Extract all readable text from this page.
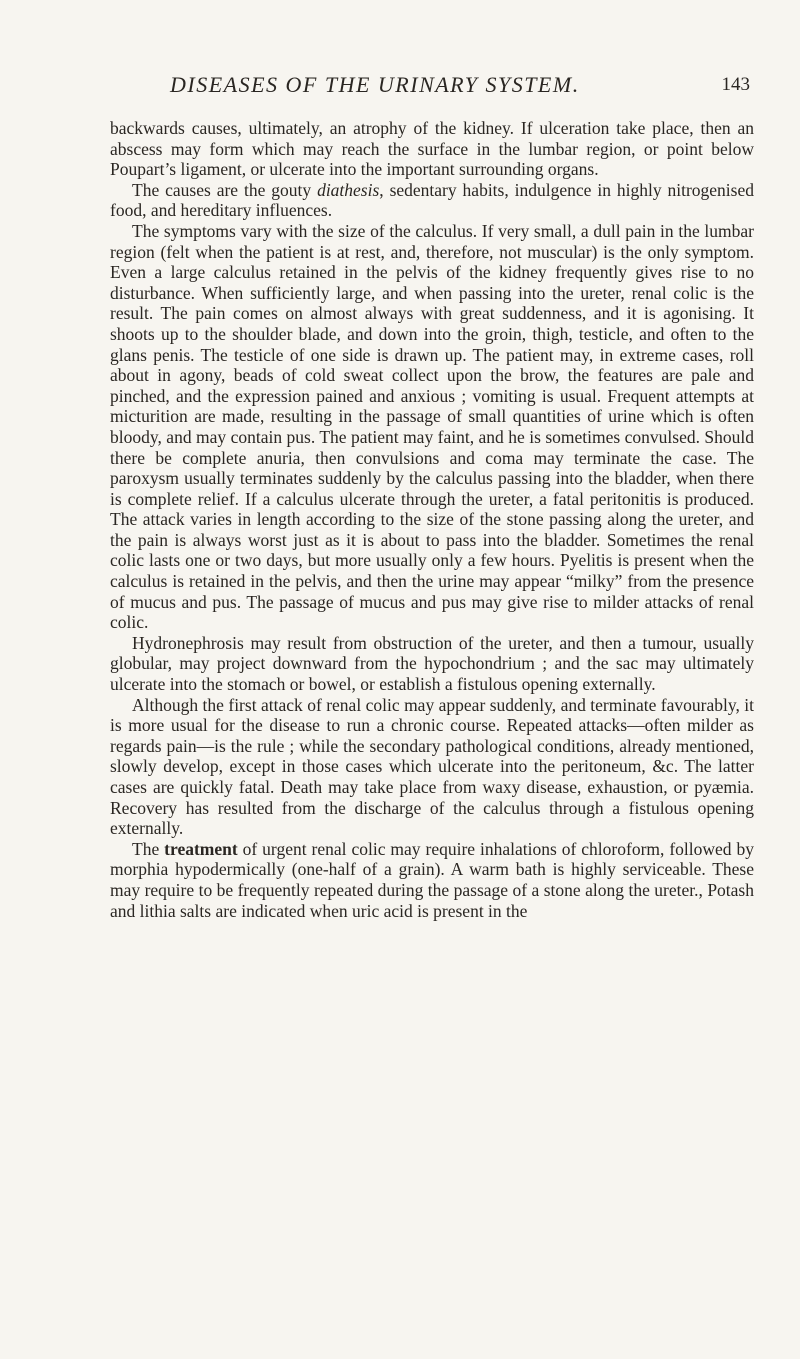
DISEASES OF THE URINARY SYSTEM.	143

backwards causes, ultimately, an atrophy of the kidney. If ulceration take place, then an abscess may form which may reach the surface in the lumbar region, or point below Poupart’s ligament, or ulcerate into the important surrounding organs.

The causes are the gouty diathesis, sedentary habits, indulgence in highly nitrogenised food, and hereditary influences.

The symptoms vary with the size of the calculus. If very small, a dull pain in the lumbar region (felt when the patient is at rest, and, therefore, not muscular) is the only symptom. Even a large calculus retained in the pelvis of the kidney frequently gives rise to no disturbance. When sufficiently large, and when passing into the ureter, renal colic is the result. The pain comes on almost always with great suddenness, and it is agonising. It shoots up to the shoulder blade, and down into the groin, thigh, testicle, and often to the glans penis. The testicle of one side is drawn up. The patient may, in extreme cases, roll about in agony, beads of cold sweat collect upon the brow, the features are pale and pinched, and the expression pained and anxious ; vomiting is usual. Frequent attempts at micturition are made, resulting in the passage of small quantities of urine which is often bloody, and may contain pus. The patient may faint, and he is sometimes convulsed. Should there be complete anuria, then convulsions and coma may terminate the case. The paroxysm usually terminates suddenly by the calculus passing into the bladder, when there is complete relief. If a calculus ulcerate through the ureter, a fatal peritonitis is produced. The attack varies in length according to the size of the stone passing along the ureter, and the pain is always worst just as it is about to pass into the bladder. Sometimes the renal colic lasts one or two days, but more usually only a few hours. Pyelitis is present when the calculus is retained in the pelvis, and then the urine may appear “milky” from the presence of mucus and pus. The passage of mucus and pus may give rise to milder attacks of renal colic.

Hydronephrosis may result from obstruction of the ureter, and then a tumour, usually globular, may project downward from the hypochondrium ; and the sac may ultimately ulcerate into the stomach or bowel, or establish a fistulous opening externally.

Although the first attack of renal colic may appear suddenly, and terminate favourably, it is more usual for the disease to run a chronic course. Repeated attacks—often milder as regards pain—is the rule ; while the secondary pathological conditions, already mentioned, slowly develop, except in those cases which ulcerate into the peritoneum, &c. The latter cases are quickly fatal. Death may take place from waxy disease, exhaustion, or pyæmia. Recovery has resulted from the discharge of the calculus through a fistulous opening externally.

The treatment of urgent renal colic may require inhalations of chloroform, followed by morphia hypodermically (one-half of a grain). A warm bath is highly serviceable. These may require to be frequently repeated during the passage of a stone along the ureter., Potash and lithia salts are indicated when uric acid is present in the
